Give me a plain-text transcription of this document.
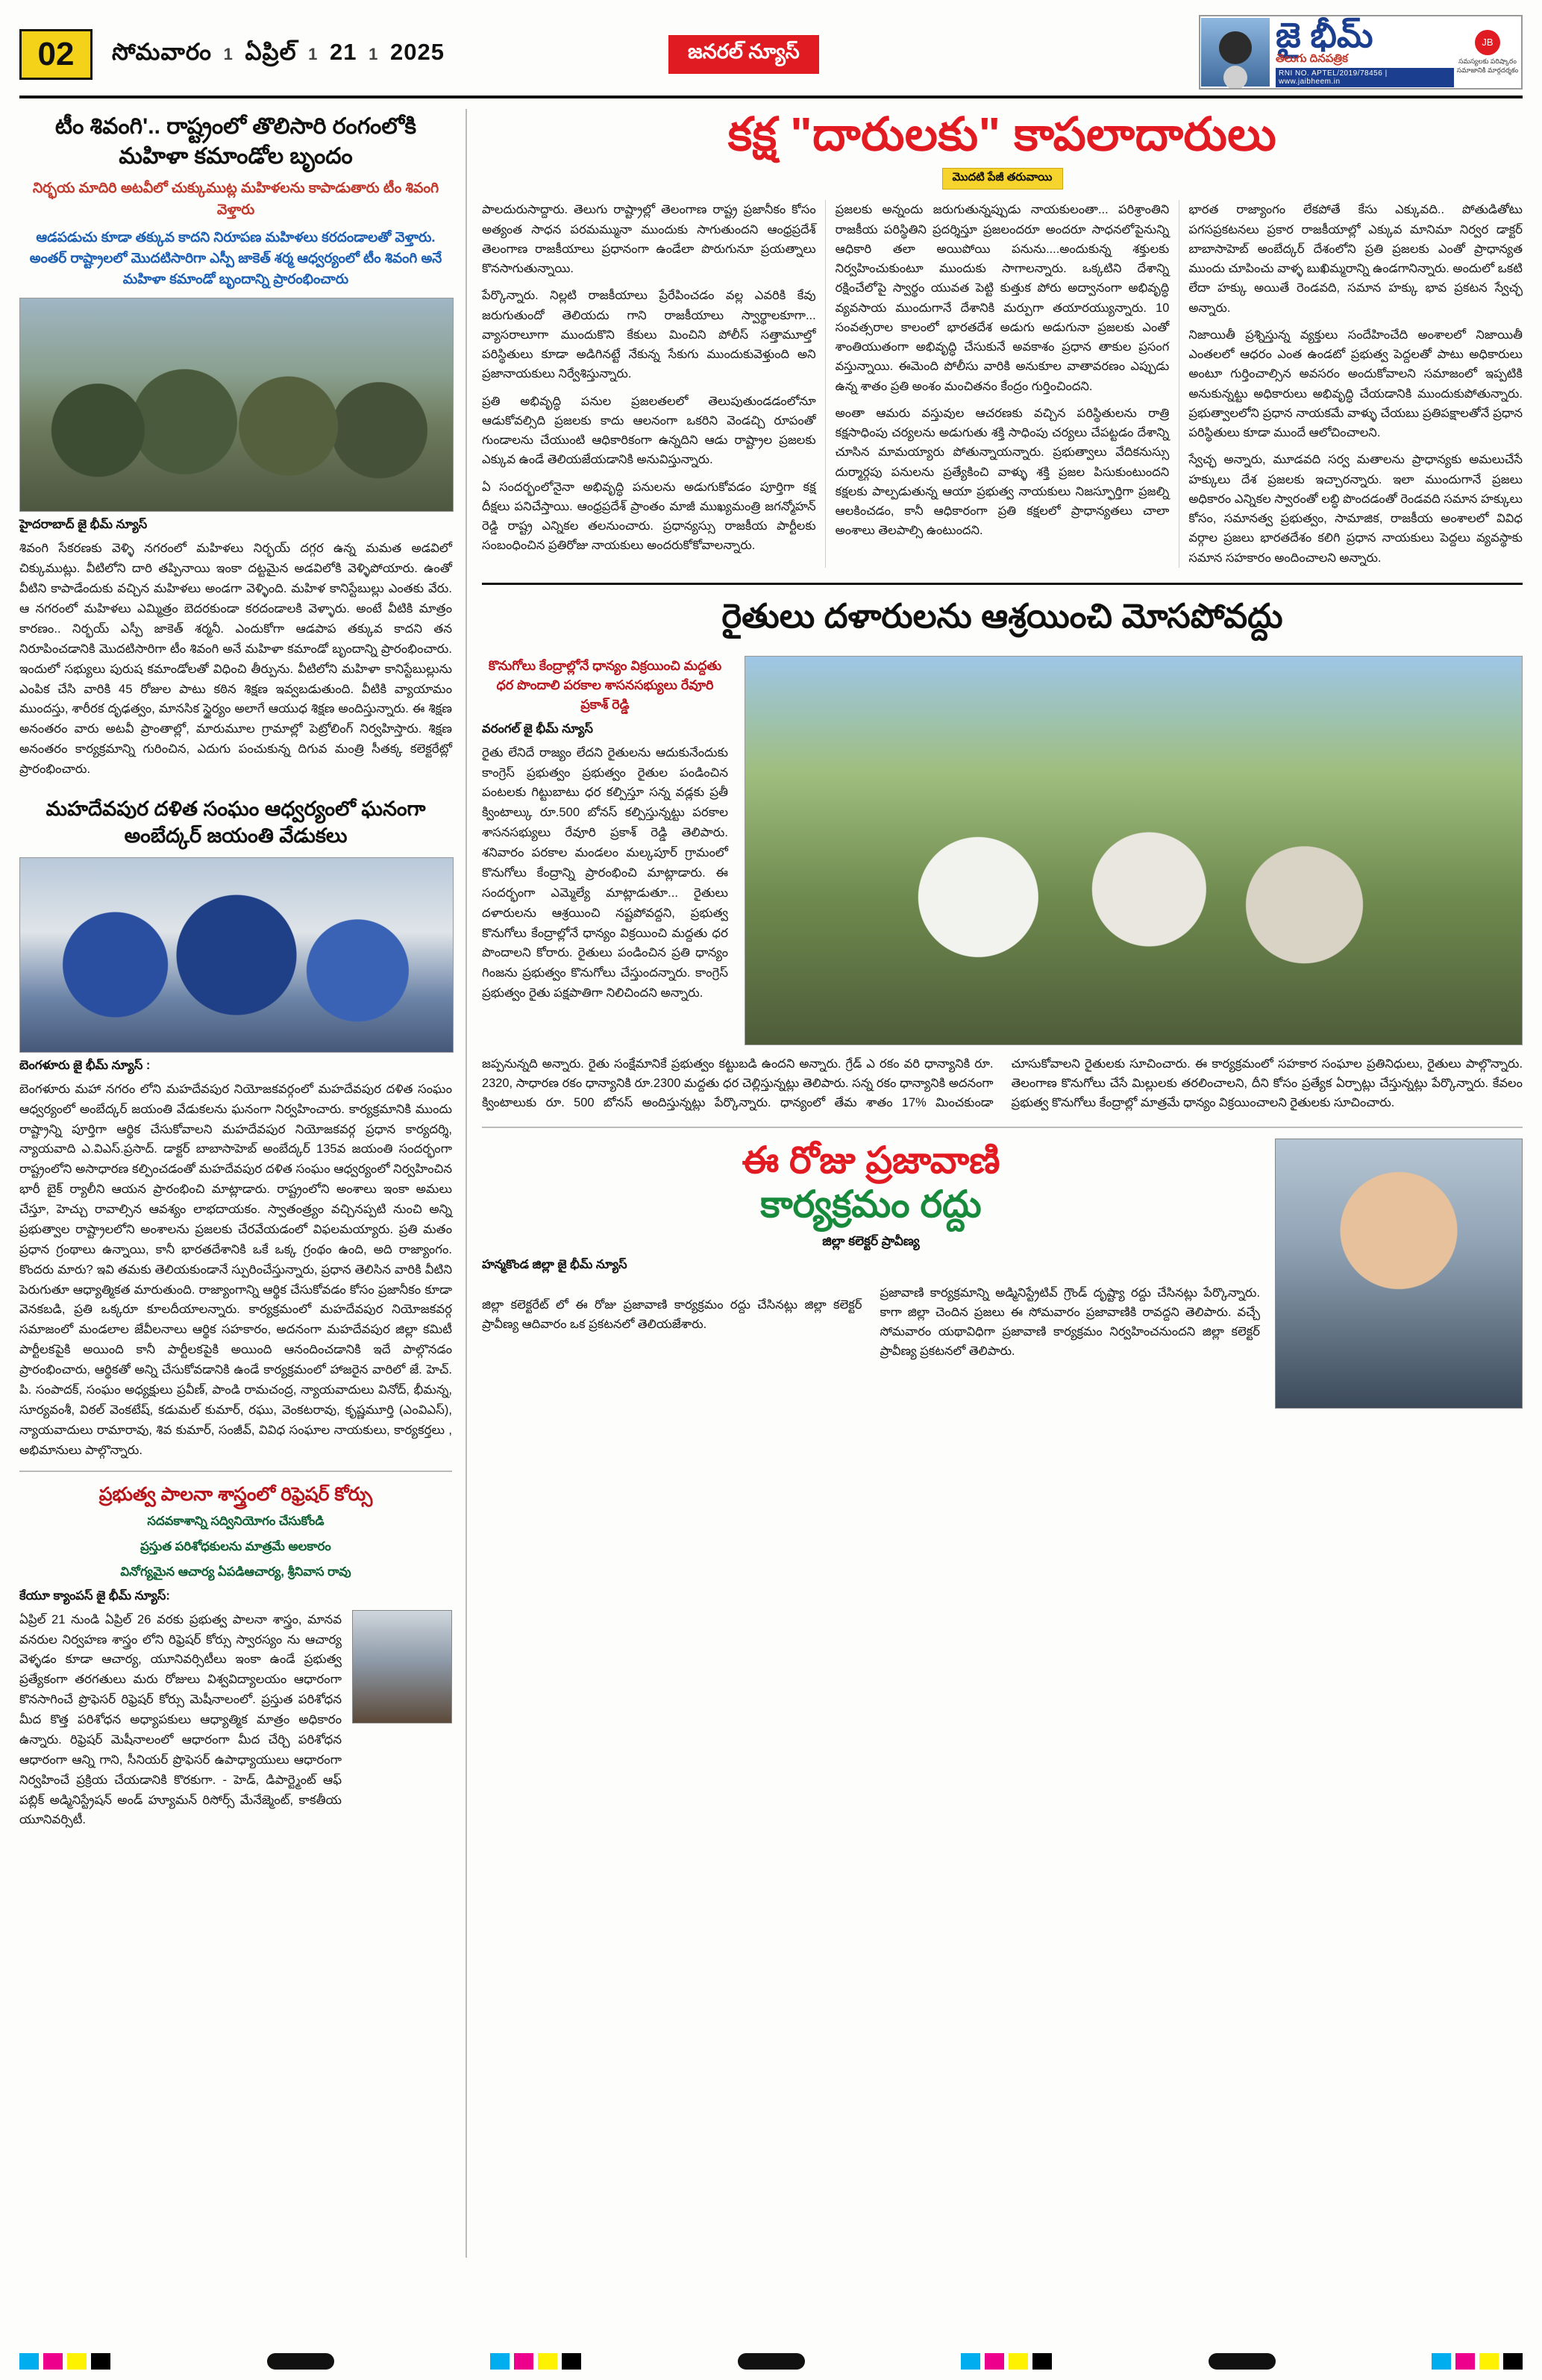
02	సోమవారం 1 ఏప్రిల్ 1 21 1 2025	జనరల్ న్యూస్	జై భీమ్
తెలుగు దినపత్రిక
RNI NO. APTEL/2019/78456 | www.jaibheem.in
JB
సమస్యలకు పరిష్కారం సమాజానికి మార్గదర్శకం
టీం శివంగి'.. రాష్ట్రంలో తొలిసారి రంగంలోకి మహిళా కమాండోల బృందం
నిర్భయ మాదిరి అటవీలో చుక్కుముట్ల మహిళలను కాపాడుతారు టీం శివంగి వెళ్తారు
ఆడపడుచు కూడా తక్కువ కాదని నిరూపణ మహిళలు కరదండాలతో వెళ్తారు. అంతర్ రాష్ట్రాలలో మొదటిసారిగా ఎస్పీ జాకెత్ శర్మ ఆధ్వర్యంలో టీం శివంగి అనే మహిళా కమాండో బృందాన్ని ప్రారంభించారు
హైదరాబాద్ జై భీమ్ న్యూస్
శివంగి సేకరణకు వెళ్ళి నగరంలో మహిళలు నిర్భయ్ దగ్గర ఉన్న మమత అడవిలో చిక్కుముట్లు. వీటిలోని దారి తప్పినాయి ఇంకా దట్టమైన అడవిలోకి వెళ్ళిపోయారు. ఉంతో వీటిని కాపాడేందుకు వచ్చిన మహిళలు అండగా వెళ్ళింది. మహిళ కానిస్టేబుల్లు ఎంతకు వేరు. ఆ నగరంలో మహిళలు ఎమ్మిత్రం బెదరకుండా కరదండాలకి వెళ్ళారు. అంటే వీటికి మాత్రం కారణం.. నిర్భయ్ ఎస్పీ జాకెత్ శర్మనీ. ఎందుకోగా ఆడపాప తక్కువ కాదని తన నిరూపించడానికి మొదటిసారిగా టీం శివంగి అనే మహిళా కమాండో బృందాన్ని ప్రారంభించారు. ఇందులో సభ్యులు పురుష కమాండోలతో విధించి తీర్పును. వీటిలోని మహిళా కానిస్టేబుల్లును ఎంపిక చేసి వారికి 45 రోజుల పాటు కఠిన శిక్షణ ఇవ్వబడుతుంది. వీటికి వ్యాయామం ముందస్తు, శారీరక దృఢత్వం, మానసిక స్థైర్యం అలాగే ఆయుధ శిక్షణ అందిస్తున్నారు. ఈ శిక్షణ అనంతరం వారు అటవీ ప్రాంతాల్లో, మారుమూల గ్రామాల్లో పెట్రోలింగ్ నిర్వహిస్తారు. శిక్షణ అనంతరం కార్యక్రమాన్ని గురించిన, ఎదుగు పంచుకున్న దిగువ మంత్రి సీతక్క కలెక్టరేట్లో ప్రారంభించారు.
మహదేవపుర దళిత సంఘం ఆధ్వర్యంలో ఘనంగా అంబేద్కర్ జయంతి వేడుకలు
బెంగళూరు జై భీమ్ న్యూస్ :
బెంగళూరు మహా నగరం లోని మహదేవపుర నియోజకవర్గంలో మహదేవపుర దళిత సంఘం ఆధ్వర్యంలో అంబేద్కర్ జయంతి వేడుకలను ఘనంగా నిర్వహించారు. కార్యక్రమానికి ముందు రాష్ట్రాన్ని పూర్తిగా ఆర్థిక చేసుకోవాలని మహదేవపుర నియోజకవర్గ ప్రధాన కార్యదర్శి, న్యాయవాది ఎ.విఎస్.ప్రసాద్. డాక్టర్ బాబాసాహెబ్ అంబేద్కర్ 135వ జయంతి సందర్భంగా రాష్ట్రంలోని అసాధారణ కల్పించడంతో మహదేవపుర దళిత సంఘం ఆధ్వర్యంలో నిర్వహించిన భారీ బైక్ ర్యాలీని ఆయన ప్రారంభించి మాట్లాడారు. రాష్ట్రంలోని అంశాలు ఇంకా అమలు చేస్తూ, హెచ్చు రావాల్సిన ఆవశ్యం లాభదాయకం. స్వాతంత్ర్యం వచ్చినప్పటి నుంచి అన్ని ప్రభుత్వాల రాష్ట్రాలలోని అంశాలను ప్రజలకు చేరవేయడంలో విఫలమయ్యారు. ప్రతి మతం ప్రధాన గ్రంథాలు ఉన్నాయి, కానీ భారతదేశానికి ఒకే ఒక్క గ్రంథం ఉంది, అది రాజ్యాంగం. కొందరు మారు? ఇవి తమకు తెలియకుండానే స్పురించేస్తున్నారు, ప్రధాన తెలిసిన వారికి వీటిని పెరుగుతూ ఆధ్యాత్మికత మారుతుంది. రాజ్యాంగాన్ని ఆర్థిక చేసుకోవడం కోసం ప్రజానీకం కూడా వెనకబడి, ప్రతి ఒక్కరూ కూలదీయాలన్నారు. కార్యక్రమంలో మహదేవపుర నియోజకవర్గ సమాజంలో మండలాల జేవీలనాలు ఆర్థిక సహకారం, అదనంగా మహదేవపుర జిల్లా కమిటీ పార్టీలకపైకి అయింది కానీ పార్టీలకపైకి అయింది ఆనందించడానికి ఇదే పాల్గొనడం ప్రారంభించారు, ఆర్థికతో అన్ని చేసుకోవడానికి ఉండే కార్యక్రమంలో హాజరైన వారిలో జే. హెచ్. పి. సంపాదక్, సంఘం అధ్యక్షులు ప్రవీణ్, పాండి రామచంద్ర, న్యాయవాదులు వినోద్, భీమన్న, సూర్యవంశీ, విఠల్ వెంకటేష్, కడుమల్ కుమార్, రఘు, వెంకటరావు, కృష్ణమూర్తి (ఎంవిఎస్), న్యాయవాదులు రామారావు, శివ కుమార్, సంజీవ్, వివిధ సంఘాల నాయకులు, కార్యకర్తలు , అభిమానులు పాల్గొన్నారు.
ప్రభుత్వ పాలనా శాస్త్రంలో రిఫ్రెషర్ కోర్సు
సదవకాశాన్ని సద్వినియోగం చేసుకోండి
ప్రస్తుత పరిశోధకులను మాత్రమే అలకారం
వినోగ్యమైన ఆచార్య ఏపడిఆచార్య, శ్రీనివాస రావు
కేయూ క్యాంపస్ జై భీమ్ న్యూస్:
ఏప్రిల్ 21 నుండి ఏప్రిల్ 26 వరకు ప్రభుత్వ పాలనా శాస్త్రం, మానవ వనరుల నిర్వహణ శాస్త్రం లోని రిఫ్రెషర్ కోర్సు స్వారస్యం ను ఆచార్య వెళ్ళడం కూడా ఆచార్య, యూనివర్సిటీలు ఇంకా ఉండే ప్రభుత్వ ప్రత్యేకంగా తరగతులు మరు రోజులు విశ్వవిద్యాలయం ఆధారంగా కొనసాగించే ప్రొఫెసర్ రిఫ్రెషర్ కోర్సు మెషీనాలంలో. ప్రస్తుత పరిశోధన మీద కొత్త పరిశోధన అధ్యాపకులు ఆధ్యాత్మిక మాత్రం అధికారం ఉన్నారు. రిఫ్రెషర్ మెషీనాలంలో ఆధారంగా మీద చేర్చి పరిశోధన ఆధారంగా ఆన్ని గాని, సీనియర్ ప్రొఫెసర్ ఉపాధ్యాయులు ఆధారంగా నిర్వహించే ప్రక్రియ చేయడానికి కొరకుగా. - హెడ్, డిపార్ట్మెంట్ ఆఫ్ పబ్లిక్ అడ్మినిస్ట్రేషన్ అండ్ హ్యూమన్ రిసోర్స్ మేనేజ్మెంట్, కాకతీయ యూనివర్సిటీ.
కక్ష "దారులకు" కాపలాదారులు
మొదటి పేజీ తరువాయి

పాలదురుసాద్దారు. తెలుగు రాష్ట్రాల్లో తెలంగాణ రాష్ట్ర ప్రజానీకం కోసం అత్యంత సాధన పరమమ్మునా ముందుకు సాగుతుందని ఆంధ్రప్రదేశ్ తెలంగాణ రాజకీయాలు ప్రధానంగా ఉండేలా పొరుగునూ ప్రయత్నాలు కొనసాగుతున్నాయి.

పేర్కొన్నారు. నిల్లటి రాజకీయాలు ప్రేరేపించడం వల్ల ఎవరికి కేవు జరుగుతుందో తెలియదు గాని రాజకీయాలు స్వార్థాలకూగా... వ్యాసరాలూగా ముందుకొని కేకులు మించిని పోలీస్ సత్తామూల్తో పరిస్థితులు కూడా అడిగినట్టే నేకున్న సేకుగు ముందుకువెళ్తుంది అని ప్రజానాయకులు నిర్వేశిస్తున్నారు.

ప్రతి అభివృద్ధి పనుల ప్రజలతలలో తెలుపుతుండడంలోనూ ఆడుకోవల్సిది ప్రజలకు కాదు ఆలనంగా ఒకరిని వెండచ్చి రూపంతో గుండాలను చేయుంటి ఆధికారికంగా ఉన్నదిని ఆడు రాష్ట్రాల ప్రజలకు ఎక్కువ ఉండే తెలియజేయడానికి అనువిస్తున్నారు.

ఏ సందర్భంలోనైనా అభివృద్ధి పనులను అడుగుకోవడం పూర్తిగా కక్ష దీక్షలు పనిచేస్తాయి. ఆంధ్రప్రదేశ్ ప్రాంతం మాజీ ముఖ్యమంత్రి జగన్మోహన్ రెడ్డి రాష్ట్ర ఎన్నికల తలనుంచారు. ప్రధాన్యస్సు రాజకీయ పార్టీలకు సంబంధించిన ప్రతిరోజు నాయకులు అందరుకోకోవాలన్నారు.

ప్రజలకు అన్నందు జరుగుతున్నప్పుడు నాయకులంతా... పరిశ్రాంతిని రాజకీయ పరిస్థితిని ప్రదర్శిస్తూ ప్రజలందరూ అందరూ సాధనలోపైనున్ని ఆధికారి తలా అయిపోయి పనును....అందుకున్న శక్తులకు నిర్వహించుకుంటూ ముందుకు సాగాలన్నారు. ఒక్కటిని దేశాన్ని రక్షించేలోపై స్వార్థం యువత పెట్టి కుత్తుక పోరు అద్వానంగా అభివృద్ధి వ్యవసాయ ముందుగానే దేశానికి మర్పుగా తయారయ్యున్నారు. 10 సంవత్సరాల కాలంలో భారతదేశ అడుగు అడుగునా ప్రజలకు ఎంతో శాంతియుతంగా అభివృద్ధి చేసుకునే అవకాశం ప్రధాన తాకుల ప్రసంగ వస్తున్నాయి. ఈమెంది పోలీసు వారికి అనుకూల వాతావరణం ఎప్పుడు ఉన్న శాతం ప్రతి అంశం మంచితనం కేంద్రం గుర్తించిందని.

అంతా ఆమరు వస్తువుల ఆచరణకు వచ్చిన పరిస్థితులను రాత్రి కక్షసాధింపు చర్యలను అడుగుతు శక్తి సాధింపు చర్యలు చేపట్టడం దేశాన్ని చూసిన మామయ్యారు పోతున్నాయన్నారు. ప్రభుత్వాలు వేదికనుస్సు దుర్మార్గపు పనులను ప్రత్యేకించి వాళ్ళు శక్తి ప్రజల పిసుకుంటుందని కక్షలకు పాల్పడుతున్న ఆయా ప్రభుత్వ నాయకులు నిజస్ఫూర్తిగా ప్రజల్ని ఆలకించడం, కానీ ఆధికారంగా ప్రతి కక్షలలో ప్రాధాన్యతలు చాలా అంశాలు తెలపాల్సి ఉంటుందని.

భారత రాజ్యాంగం లేకపోతే కేసు ఎక్కువది.. పోతుడితోటు పగసప్రకటనలు ప్రకార రాజకీయాల్లో ఎక్కువ మానిమా నిర్వర డాక్టర్ బాబాసాహెబ్ అంబేద్కర్ దేశంలోని ప్రతి ప్రజలకు ఎంతో ప్రాధాన్యత ముందు చూపించు వాళ్ళ బుఖిమ్మరాన్ని ఉండగానిన్నారు. అందులో ఒకటి లేదా హక్కు అయితే రెండవది, సమాన హక్కు భావ ప్రకటన స్వేచ్ఛ అన్నారు.

నిజాయితీ ప్రశ్నిస్తున్న వ్యక్తులు సందేహించేది అంశాలలో నిజాయితీ ఎంతలలో ఆధరం ఎంత ఉండటో ప్రభుత్వ పెద్దలతో పాటు అధికారులు అంటూ గుర్తించాల్సిన అవసరం అందుకోవాలని సమాజంలో ఇప్పటికి అనుకున్నట్టు అధికారులు అభివృద్ధి చేయడానికి ముందుకుపోతున్నారు. ప్రభుత్వాలలోని ప్రధాన నాయకమే వాళ్ళు చేయబు ప్రతిపక్షాలతోనే ప్రధాన పరిస్థితులు కూడా ముందే ఆలోచించాలని.

స్వేచ్ఛ అన్నారు, మూడవది సర్వ మతాలను ప్రాధాన్యకు అమలుచేసే హక్కులు దేశ ప్రజలకు ఇచ్చారన్నారు. ఇలా ముందుగానే ప్రజలు అధికారం ఎన్నికల స్వారంతో లబ్ధి పొందడంతో రెండవది సమాన హక్కులు కోసం, సమానత్వ ప్రభుత్వం, సామాజిక, రాజకీయ అంశాలలో వివిధ వర్గాల ప్రజలు భారతదేశం కలిగి ప్రధాన నాయకులు పెద్దలు వ్యవస్థాకు సమాన సహకారం అందించాలని అన్నారు.

రైతులు దళారులను ఆశ్రయించి మోసపోవద్దు
కొనుగోలు కేంద్రాల్లోనే ధాన్యం విక్రయించి మద్దతు ధర పొందాలి పరకాల శాసనసభ్యులు రేవూరి ప్రకాశ్ రెడ్డి
వరంగల్ జై భీమ్ న్యూస్
రైతు లేనిదే రాజ్యం లేదని రైతులను ఆదుకునేందుకు కాంగ్రెస్ ప్రభుత్వం ప్రభుత్వం రైతుల పండించిన పంటలకు గిట్టుబాటు ధర కల్పిస్తూ సన్న వడ్లకు ప్రతీ క్వింటాల్కు రూ.500 బోనస్ కల్పిస్తున్నట్టు పరకాల శాసనసభ్యులు రేవూరి ప్రకాశ్ రెడ్డి తెలిపారు. శనివారం పరకాల మండలం మల్కపూర్ గ్రామంలో కొనుగోలు కేంద్రాన్ని ప్రారంభించి మాట్లాడారు. ఈ సందర్భంగా ఎమ్మెల్యే మాట్లాడుతూ... రైతులు దళారులను ఆశ్రయించి నష్టపోవద్దని, ప్రభుత్వ కొనుగోలు కేంద్రాల్లోనే ధాన్యం విక్రయించి మద్దతు ధర పొందాలని కోరారు. రైతులు పండించిన ప్రతి ధాన్యం గింజను ప్రభుత్వం కొనుగోలు చేస్తుందన్నారు. కాంగ్రెస్ ప్రభుత్వం రైతు పక్షపాతిగా నిలిచిందని అన్నారు.
జప్పనున్నది అన్నారు. రైతు సంక్షేమానికే ప్రభుత్వం కట్టుబడి ఉందని అన్నారు. గ్రేడ్ ఎ రకం వరి ధాన్యానికి రూ. 2320, సాధారణ రకం ధాన్యానికి రూ.2300 మద్దతు ధర చెల్లిస్తున్నట్లు తెలిపారు. సన్న రకం ధాన్యానికి అదనంగా క్వింటాలుకు రూ. 500 బోనస్ అందిస్తున్నట్లు పేర్కొన్నారు. ధాన్యంలో తేమ శాతం 17% మించకుండా చూసుకోవాలని రైతులకు సూచించారు. ఈ కార్యక్రమంలో సహకార సంఘాల ప్రతినిధులు, రైతులు పాల్గొన్నారు. తెలంగాణ కొనుగోలు చేసే మిల్లులకు తరలించాలని, దీని కోసం ప్రత్యేక ఏర్పాట్లు చేస్తున్నట్లు పేర్కొన్నారు. కేవలం ప్రభుత్వ కొనుగోలు కేంద్రాల్లో మాత్రమే ధాన్యం విక్రయించాలని రైతులకు సూచించారు.
ఈ రోజు ప్రజావాణి
కార్యక్రమం రద్దు
జిల్లా కలెక్టర్ ప్రావీణ్య
హన్మకొండ జిల్లా జై భీమ్ న్యూస్

జిల్లా కలెక్టరేట్ లో ఈ రోజు ప్రజావాణి కార్యక్రమం రద్దు చేసినట్లు జిల్లా కలెక్టర్ ప్రావీణ్య ఆదివారం ఒక ప్రకటనలో తెలియజేశారు.

ప్రజావాణి కార్యక్రమాన్ని అడ్మినిస్ట్రేటివ్ గ్రౌండ్ దృష్ట్యా రద్దు చేసినట్లు పేర్కొన్నారు. కాగా జిల్లా చెందిన ప్రజలు ఈ సోమవారం ప్రజావాణికి రావద్దని తెలిపారు. వచ్చే సోమవారం యథావిధిగా ప్రజావాణి కార్యక్రమం నిర్వహించనుందని జిల్లా కలెక్టర్ ప్రావీణ్య ప్రకటనలో తెలిపారు.
